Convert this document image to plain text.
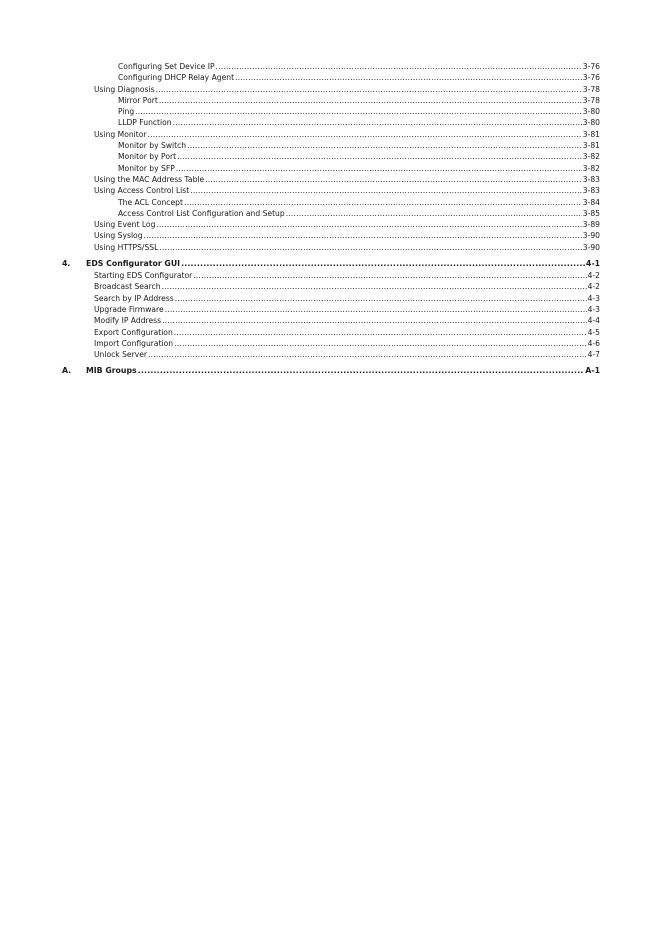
Configuring Set Device IP .....	3-76
Configuring DHCP Relay Agent .....	3-76
Using Diagnosis .....	3-78
Mirror Port .....	3-78
Ping .....	3-80
LLDP Function .....	3-80
Using Monitor .....	3-81
Monitor by Switch .....	3-81
Monitor by Port .....	3-82
Monitor by SFP .....	3-82
Using the MAC Address Table .....	3-83
Using Access Control List .....	3-83
The ACL Concept .....	3-84
Access Control List Configuration and Setup .....	3-85
Using Event Log .....	3-89
Using Syslog .....	3-90
Using HTTPS/SSL .....	3-90
4.	EDS Configurator GUI .....	4-1
Starting EDS Configurator .....	4-2
Broadcast Search .....	4-2
Search by IP Address .....	4-3
Upgrade Firmware .....	4-3
Modify IP Address .....	4-4
Export Configuration .....	4-5
Import Configuration .....	4-6
Unlock Server .....	4-7
A.	MIB Groups .....	A-1
